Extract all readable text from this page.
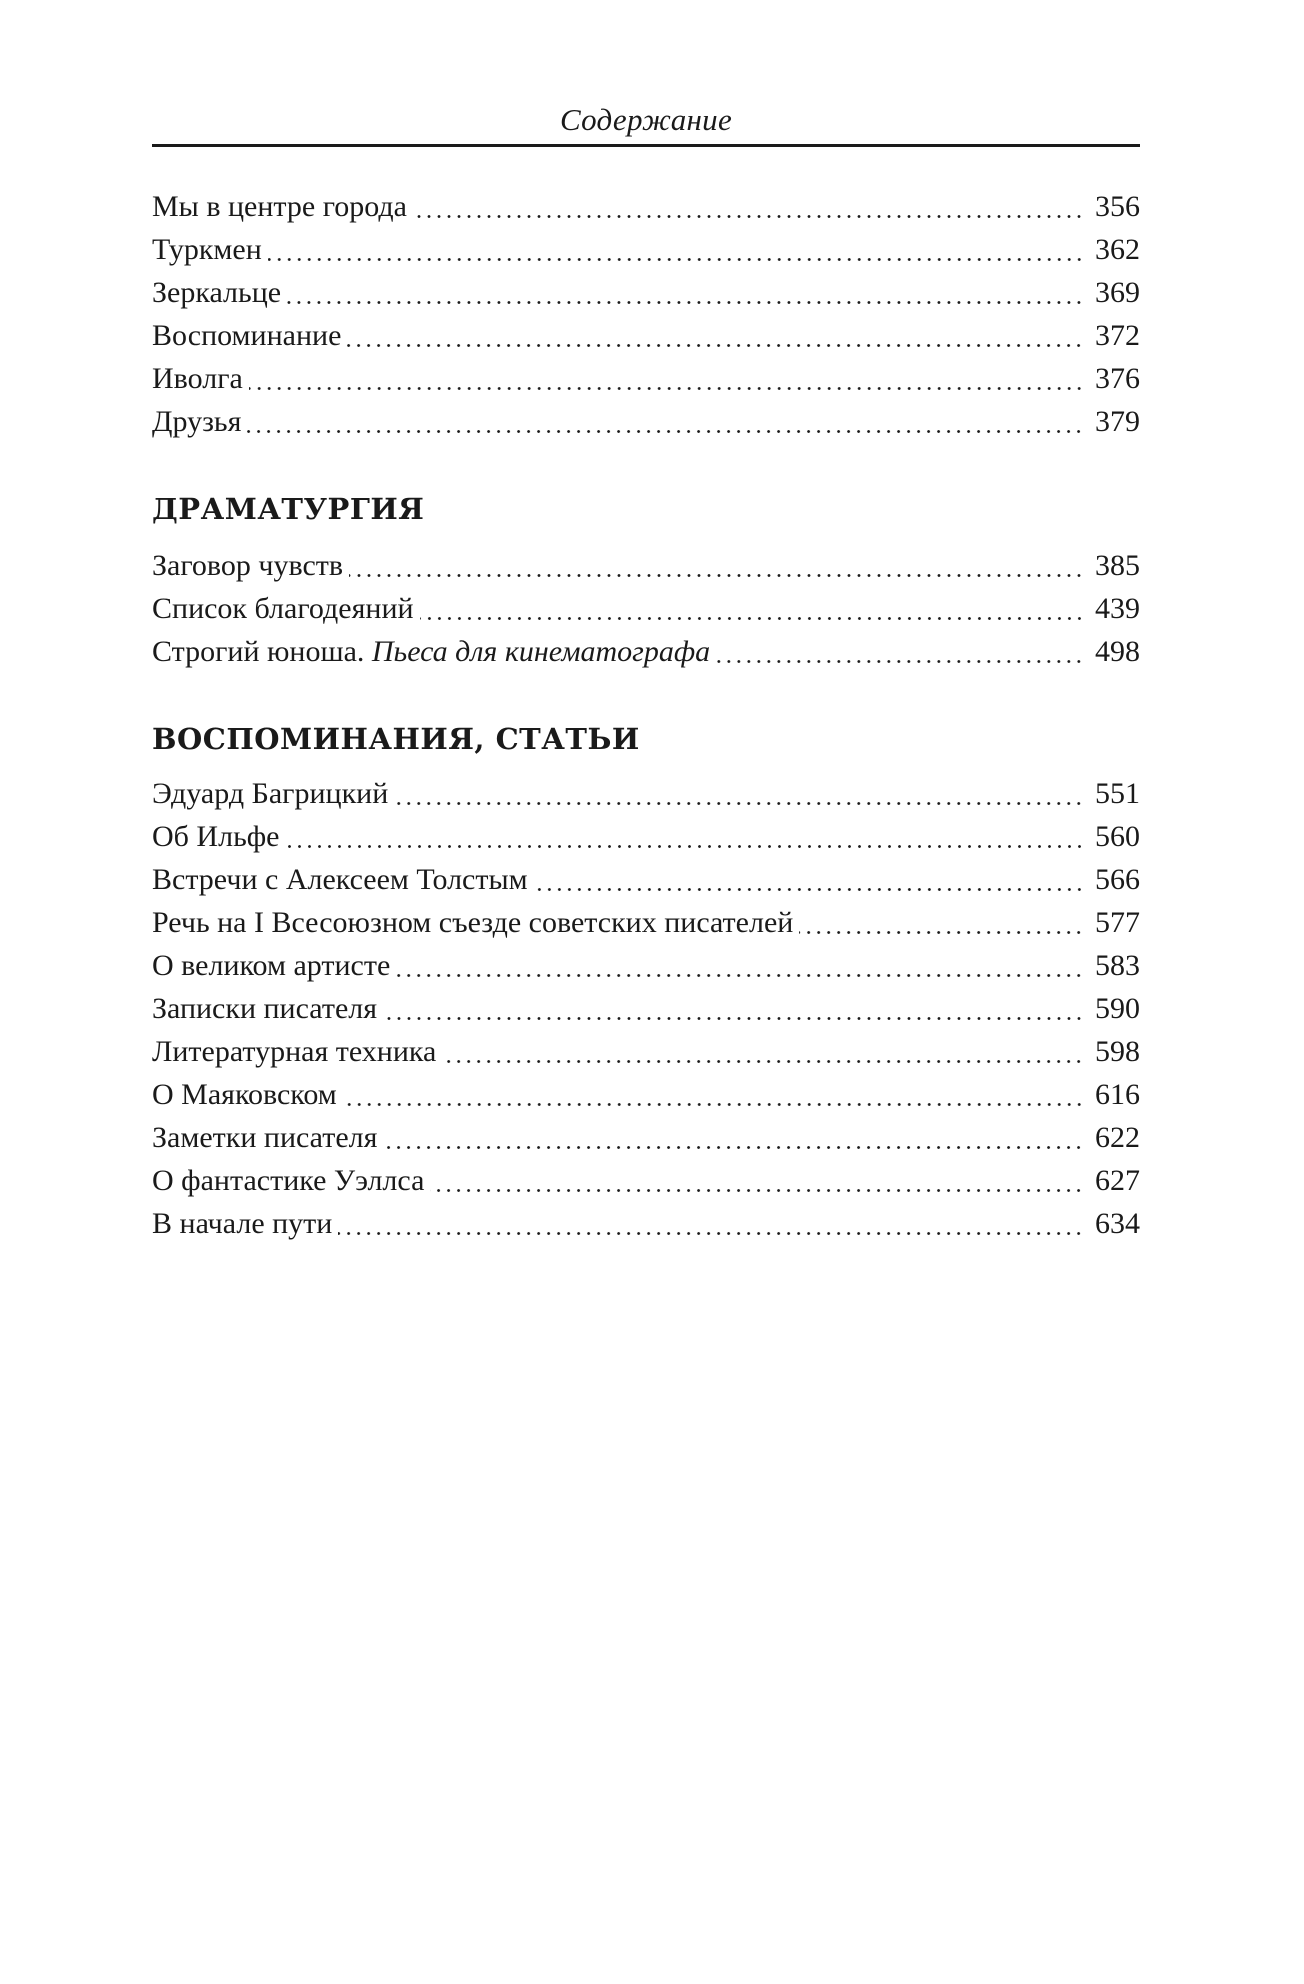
Содержание
Мы в центре города	356
Туркмен	362
Зеркальце	369
Воспоминание	372
Иволга	376
Друзья	379
ДРАМАТУРГИЯ
Заговор чувств	385
Список благодеяний	439
Строгий юноша. Пьеса для кинематографа	498
ВОСПОМИНАНИЯ, СТАТЬИ
Эдуард Багрицкий	551
Об Ильфе	560
Встречи с Алексеем Толстым	566
Речь на I Всесоюзном съезде советских писателей	577
О великом артисте	583
Записки писателя	590
Литературная техника	598
О Маяковском	616
Заметки писателя	622
О фантастике Уэллса	627
В начале пути	634
